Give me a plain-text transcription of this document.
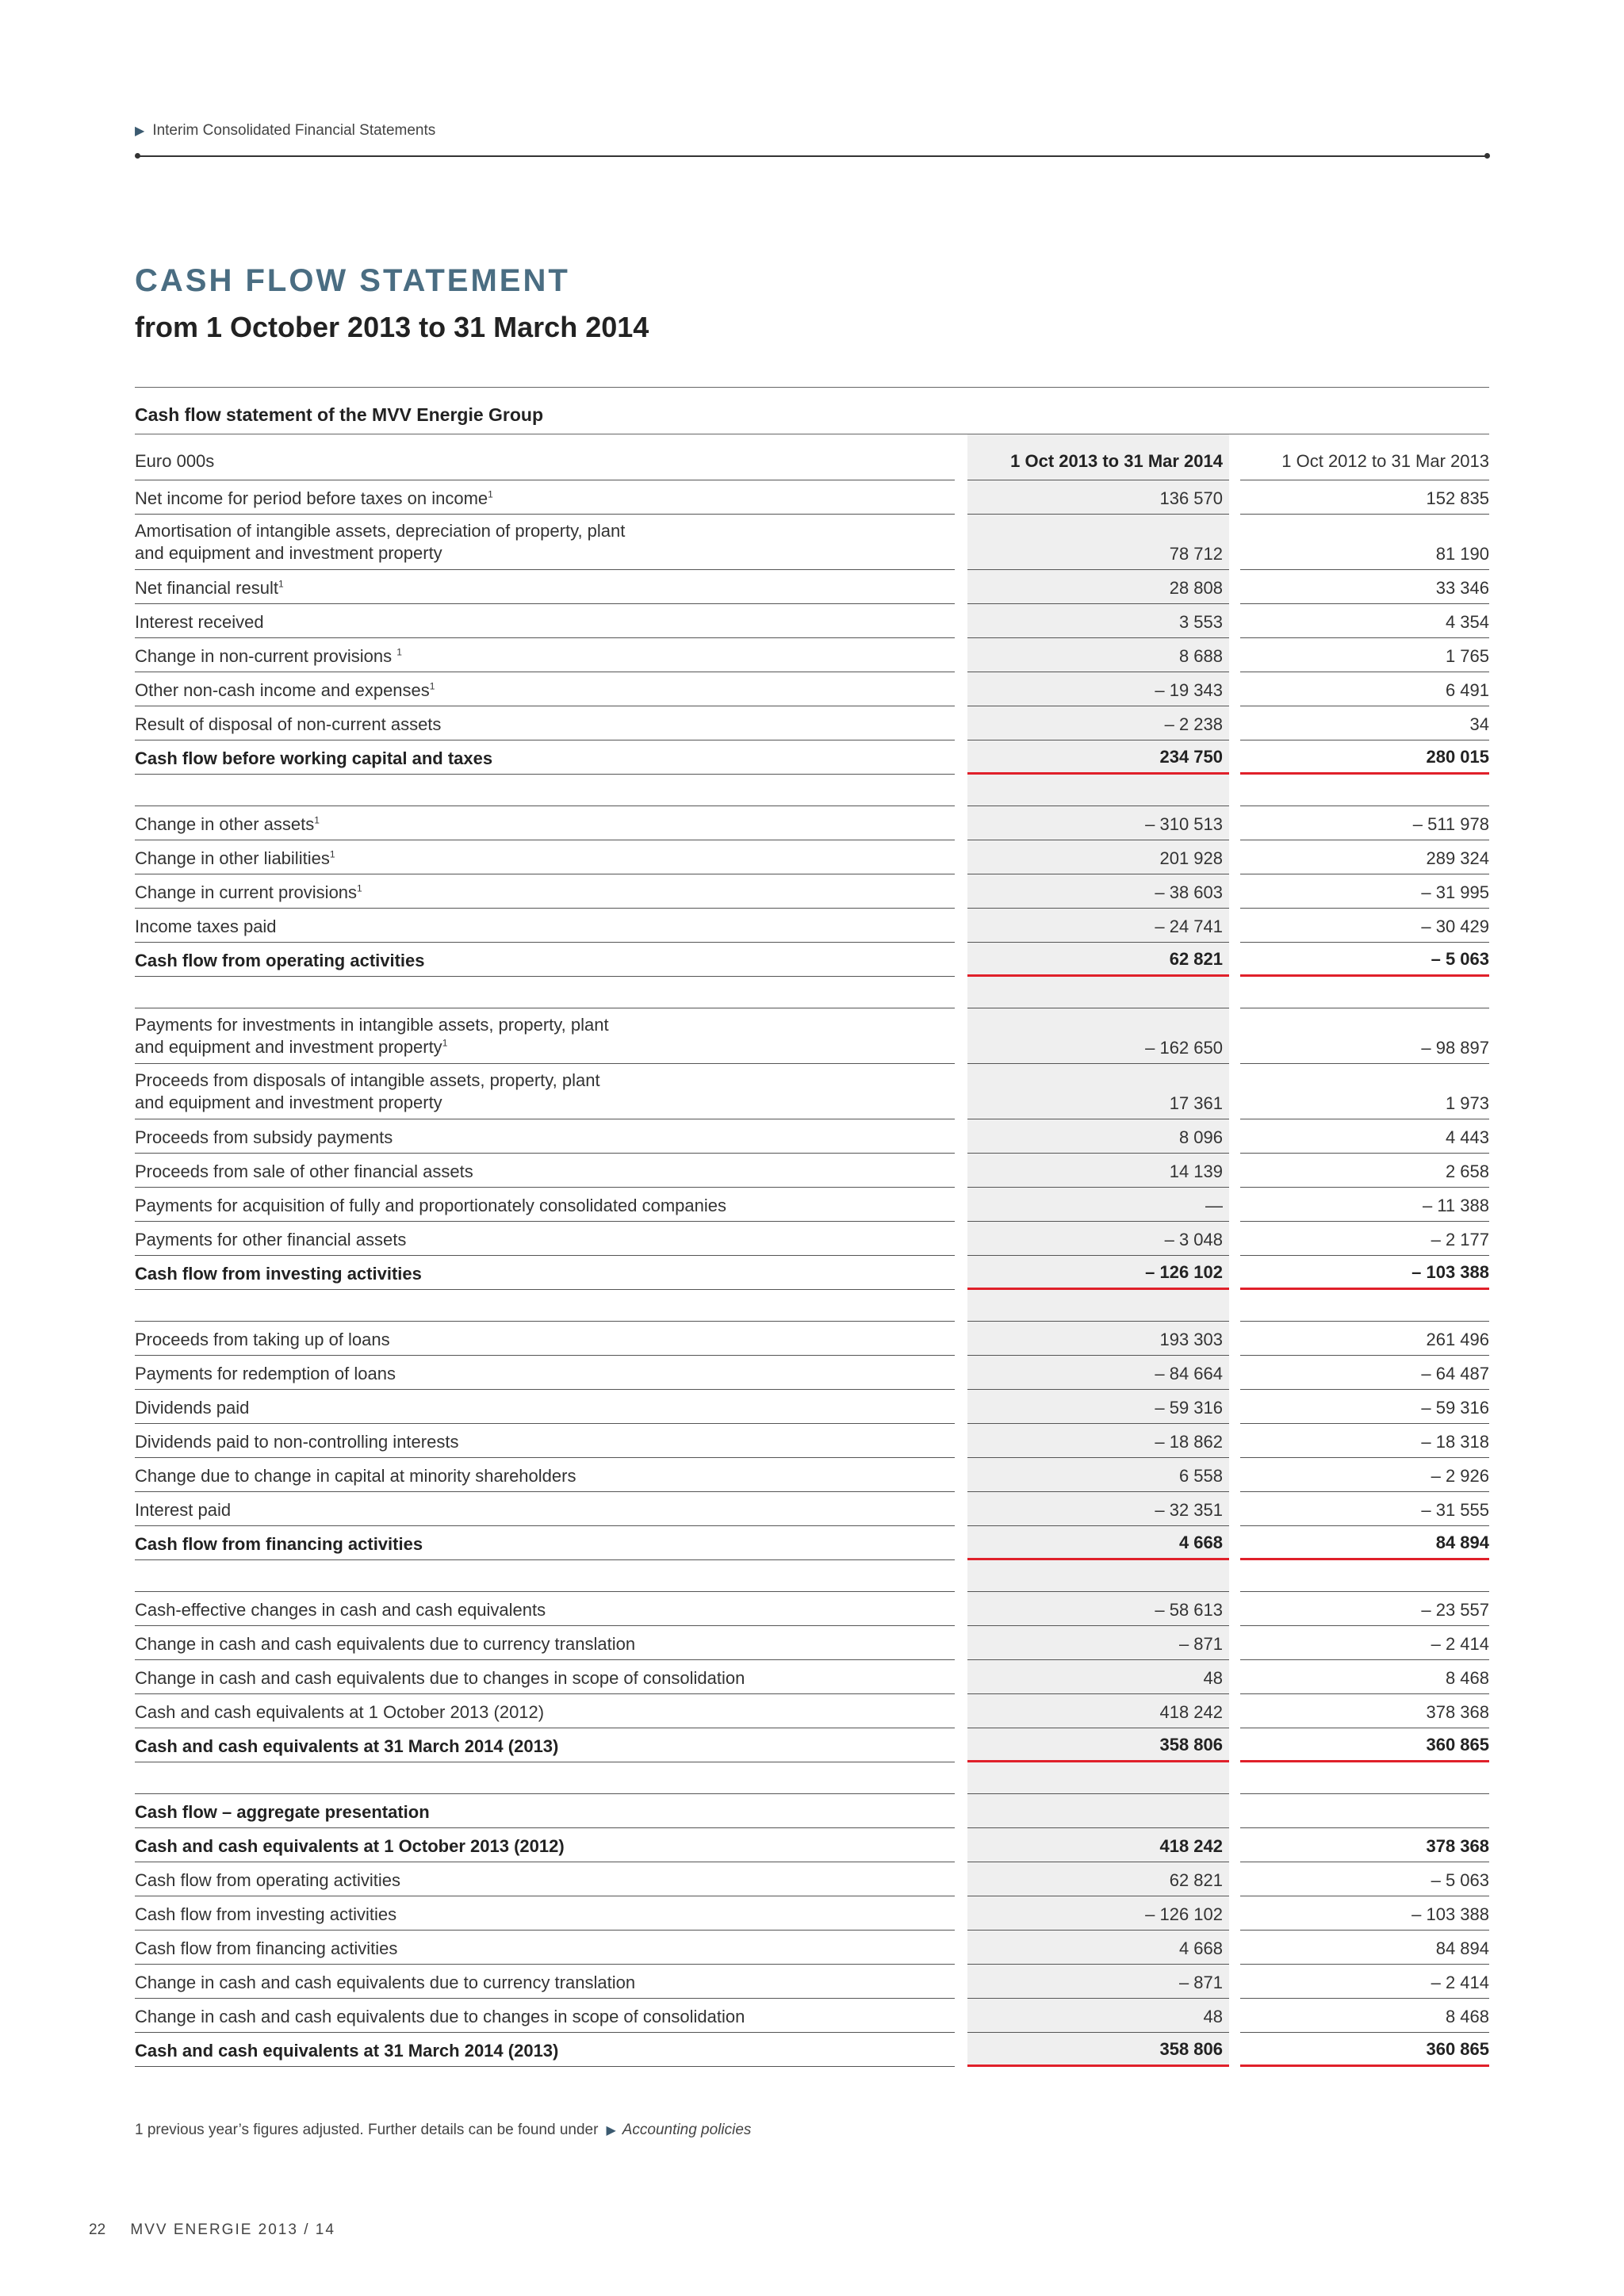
▶ Interim Consolidated Financial Statements
CASH FLOW STATEMENT
from 1 October 2013 to 31 March 2014
Cash flow statement of the MVV Energie Group
Euro 000s		1 Oct 2013 to 31 Mar 2014		1 Oct 2012 to 31 Mar 2013
Net income for period before taxes on income$^1$		136 570		152 835
Amortisation of intangible assets, depreciation of property, plant and equipment and investment property		78 712		81 190
Net financial result$^1$		28 808		33 346
Interest received		3 553		4 354
Change in non-current provisions $^1$		8 688		1 765
Other non-cash income and expenses$^1$		– 19 343		6 491
Result of disposal of non-current assets		– 2 238		34
Cash flow before working capital and taxes		234 750		280 015

Change in other assets$^1$		– 310 513		– 511 978
Change in other liabilities$^1$		201 928		289 324
Change in current provisions$^1$		– 38 603		– 31 995
Income taxes paid		– 24 741		– 30 429
Cash flow from operating activities		62 821		– 5 063

Payments for investments in intangible assets, property, plant and equipment and investment property$^1$		– 162 650		– 98 897
Proceeds from disposals of intangible assets, property, plant and equipment and investment property		17 361		1 973
Proceeds from subsidy payments		8 096		4 443
Proceeds from sale of other financial assets		14 139		2 658
Payments for acquisition of fully and proportionately consolidated companies		—		– 11 388
Payments for other financial assets		– 3 048		– 2 177
Cash flow from investing activities		– 126 102		– 103 388

Proceeds from taking up of loans		193 303		261 496
Payments for redemption of loans		– 84 664		– 64 487
Dividends paid		– 59 316		– 59 316
Dividends paid to non-controlling interests		– 18 862		– 18 318
Change due to change in capital at minority shareholders		6 558		– 2 926
Interest paid		– 32 351		– 31 555
Cash flow from financing activities		4 668		84 894

Cash-effective changes in cash and cash equivalents		– 58 613		– 23 557
Change in cash and cash equivalents due to currency translation		– 871		– 2 414
Change in cash and cash equivalents due to changes in scope of consolidation		48		8 468
Cash and cash equivalents at 1 October 2013 (2012)		418 242		378 368
Cash and cash equivalents at 31 March 2014 (2013)		358 806		360 865

Cash flow – aggregate presentation				
Cash and cash equivalents at 1 October 2013 (2012)		418 242		378 368
Cash flow from operating activities		62 821		– 5 063
Cash flow from investing activities		– 126 102		– 103 388
Cash flow from financing activities		4 668		84 894
Change in cash and cash equivalents due to currency translation		– 871		– 2 414
Change in cash and cash equivalents due to changes in scope of consolidation		48		8 468
Cash and cash equivalents at 31 March 2014 (2013)		358 806		360 865
1 previous year’s figures adjusted. Further details can be found under ▶ Accounting policies
22 MVV ENERGIE 2013 / 14
